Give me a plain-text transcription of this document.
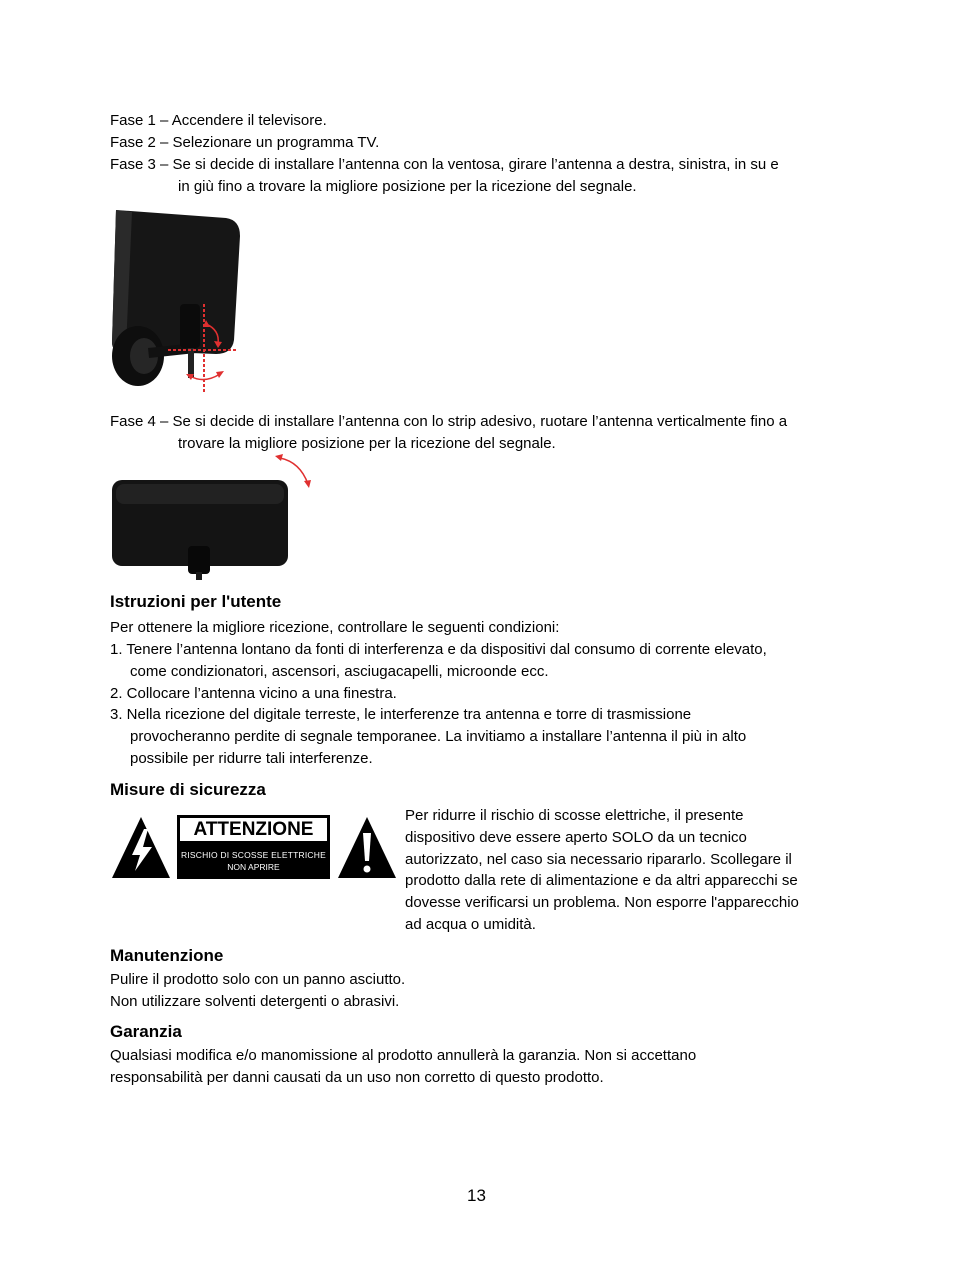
Fase 1 – Accendere il televisore.

Fase 2 – Selezionare un programma TV.

Fase 3 – Se si decide di installare l’antenna con la ventosa, girare l’antenna a destra, sinistra, in su e

in giù fino a trovare la migliore posizione per la ricezione del segnale.

Fase 4 – Se si decide di installare l’antenna con lo strip adesivo, ruotare l’antenna verticalmente fino a

trovare la migliore posizione per la ricezione del segnale.

Istruzioni per l'utente

Per ottenere la migliore ricezione, controllare le seguenti condizioni:

1. Tenere l’antenna lontano da fonti di interferenza e da dispositivi dal consumo di corrente elevato,

come condizionatori, ascensori, asciugacapelli, microonde ecc.

2. Collocare l’antenna vicino a una finestra.

3. Nella ricezione del digitale terreste, le interferenze tra antenna e torre di trasmissione

provocheranno perdite di segnale temporanee. La invitiamo a installare l’antenna il più in alto

possibile per ridurre tali interferenze.

Misure di sicurezza
ATTENZIONE
RISCHIO DI SCOSSE ELETTRICHE
NON APRIRE
Per ridurre il rischio di scosse elettriche, il presente
dispositivo deve essere aperto SOLO da un tecnico
autorizzato, nel caso sia necessario ripararlo. Scollegare il
prodotto dalla rete di alimentazione e da altri apparecchi se
dovesse verificarsi un problema. Non esporre l'apparecchio
ad acqua o umidità.
Manutenzione

Pulire il prodotto solo con un panno asciutto.

Non utilizzare solventi detergenti o abrasivi.

Garanzia

Qualsiasi modifica e/o manomissione al prodotto annullerà la garanzia. Non si accettano

responsabilità per danni causati da un uso non corretto di questo prodotto.

13
